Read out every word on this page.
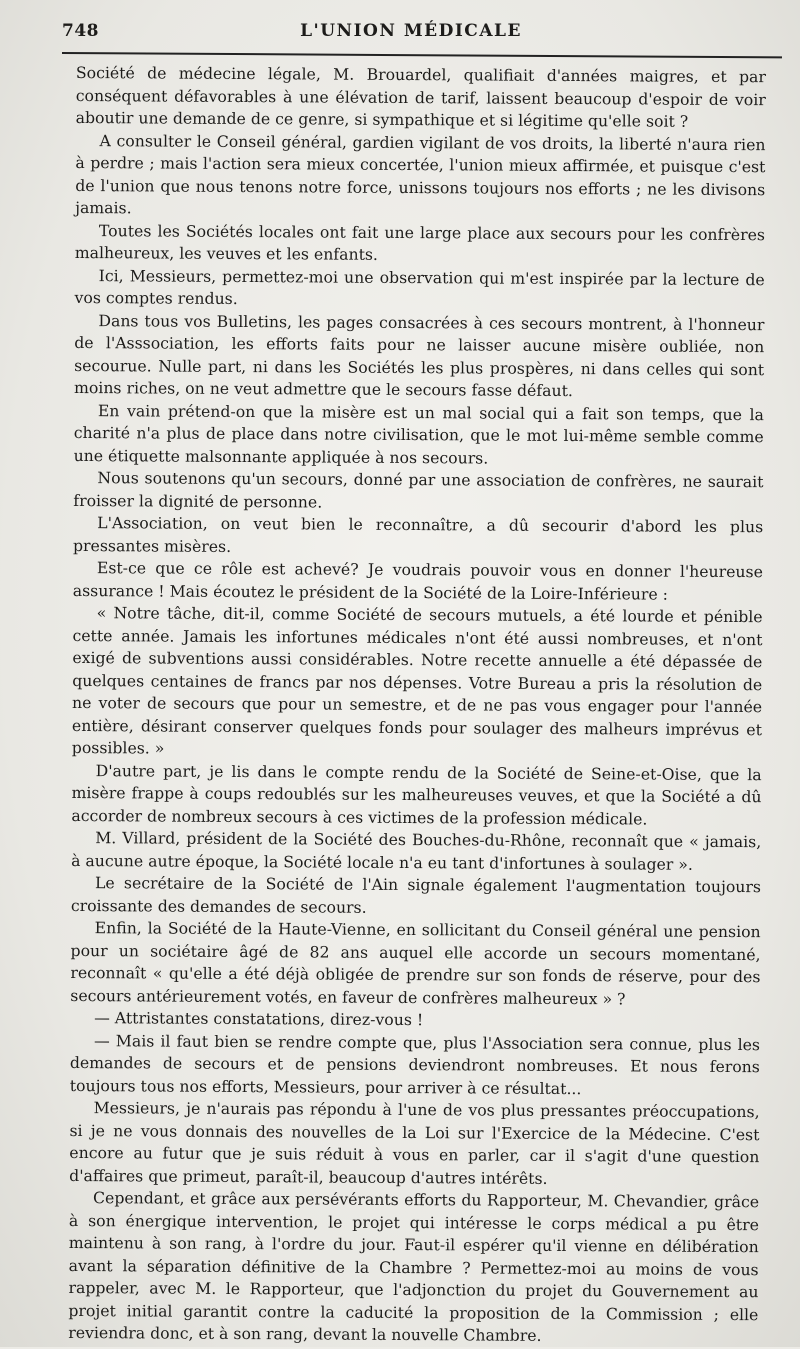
748	L'UNION MÉDICALE

Société de médecine légale, M. Brouardel, qualifiait d'années maigres, et par conséquent défavorables à une élévation de tarif, laissent beaucoup d'espoir de voir aboutir une demande de ce genre, si sympathique et si légitime qu'elle soit ?

A consulter le Conseil général, gardien vigilant de vos droits, la liberté n'aura rien à perdre ; mais l'action sera mieux concertée, l'union mieux affirmée, et puisque c'est de l'union que nous tenons notre force, unissons toujours nos efforts ; ne les divisons jamais.

Toutes les Sociétés locales ont fait une large place aux secours pour les confrères malheureux, les veuves et les enfants.

Ici, Messieurs, permettez-moi une observation qui m'est inspirée par la lecture de vos comptes rendus.

Dans tous vos Bulletins, les pages consacrées à ces secours montrent, à l'honneur de l'Asssociation, les efforts faits pour ne laisser aucune misère oubliée, non secourue. Nulle part, ni dans les Sociétés les plus prospères, ni dans celles qui sont moins riches, on ne veut admettre que le secours fasse défaut.

En vain prétend-on que la misère est un mal social qui a fait son temps, que la charité n'a plus de place dans notre civilisation, que le mot lui-même semble comme une étiquette malsonnante appliquée à nos secours.

Nous soutenons qu'un secours, donné par une association de confrères, ne saurait froisser la dignité de personne.

L'Association, on veut bien le reconnaître, a dû secourir d'abord les plus pressantes misères.

Est-ce que ce rôle est achevé? Je voudrais pouvoir vous en donner l'heureuse assurance ! Mais écoutez le président de la Société de la Loire-Inférieure :

« Notre tâche, dit-il, comme Société de secours mutuels, a été lourde et pénible cette année. Jamais les infortunes médicales n'ont été aussi nombreuses, et n'ont exigé de subventions aussi considérables. Notre recette annuelle a été dépassée de quelques centaines de francs par nos dépenses. Votre Bureau a pris la résolution de ne voter de secours que pour un semestre, et de ne pas vous engager pour l'année entière, désirant conserver quelques fonds pour soulager des malheurs imprévus et possibles. »

D'autre part, je lis dans le compte rendu de la Société de Seine-et-Oise, que la misère frappe à coups redoublés sur les malheureuses veuves, et que la Société a dû accorder de nombreux secours à ces victimes de la profession médicale.

M. Villard, président de la Société des Bouches-du-Rhône, reconnaît que « jamais, à aucune autre époque, la Société locale n'a eu tant d'infortunes à soulager ».

Le secrétaire de la Société de l'Ain signale également l'augmentation toujours croissante des demandes de secours.

Enfin, la Société de la Haute-Vienne, en sollicitant du Conseil général une pension pour un sociétaire âgé de 82 ans auquel elle accorde un secours momentané, reconnaît « qu'elle a été déjà obligée de prendre sur son fonds de réserve, pour des secours antérieurement votés, en faveur de confrères malheureux » ?

— Attristantes constatations, direz-vous !

— Mais il faut bien se rendre compte que, plus l'Association sera connue, plus les demandes de secours et de pensions deviendront nombreuses. Et nous ferons toujours tous nos efforts, Messieurs, pour arriver à ce résultat...

Messieurs, je n'aurais pas répondu à l'une de vos plus pressantes préoccupations, si je ne vous donnais des nouvelles de la Loi sur l'Exercice de la Médecine. C'est encore au futur que je suis réduit à vous en parler, car il s'agit d'une question d'affaires que primeut, paraît-il, beaucoup d'autres intérêts.

Cependant, et grâce aux persévérants efforts du Rapporteur, M. Chevandier, grâce à son énergique intervention, le projet qui intéresse le corps médical a pu être maintenu à son rang, à l'ordre du jour. Faut-il espérer qu'il vienne en délibération avant la séparation définitive de la Chambre ? Permettez-moi au moins de vous rappeler, avec M. le Rapporteur, que l'adjonction du projet du Gouvernement au projet initial garantit contre la caducité la proposition de la Commission ; elle reviendra donc, et à son rang, devant la nouvelle Chambre.
